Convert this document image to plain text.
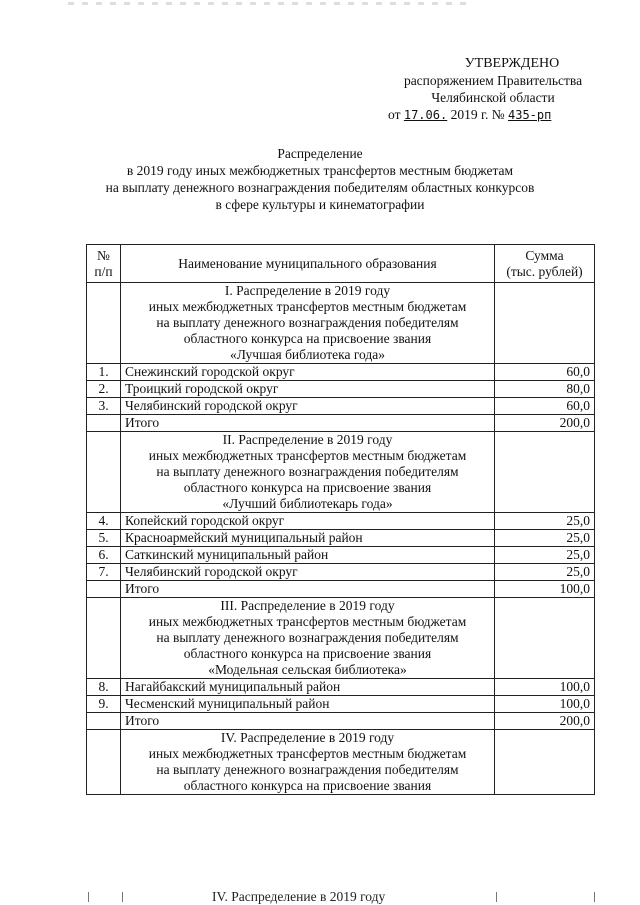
УТВЕРЖДЕНО
распоряжением Правительства
Челябинской области
от 17.06. 2019 г. № 435-рп
Распределение
в 2019 году иных межбюджетных трансфертов местным бюджетам
на выплату денежного вознаграждения победителям областных конкурсов
в сфере культуры и кинематографии
№
п/п	Наименование муниципального образования	Сумма
(тыс. рублей)

	I. Распределение в 2019 году
иных межбюджетных трансфертов местным бюджетам
на выплату денежного вознаграждения победителям
областного конкурса на присвоение звания
«Лучшая библиотека года»	

1.	Снежинский городской округ	60,0
2.	Троицкий городской округ	80,0
3.	Челябинский городской округ	60,0
	Итого	200,0

	II. Распределение в 2019 году
иных межбюджетных трансфертов местным бюджетам
на выплату денежного вознаграждения победителям
областного конкурса на присвоение звания
«Лучший библиотекарь года»	

4.	Копейский городской округ	25,0
5.	Красноармейский муниципальный район	25,0
6.	Саткинский муниципальный район	25,0
7.	Челябинский городской округ	25,0
	Итого	100,0

	III. Распределение в 2019 году
иных межбюджетных трансфертов местным бюджетам
на выплату денежного вознаграждения победителям
областного конкурса на присвоение звания
«Модельная сельская библиотека»	

8.	Нагайбакский муниципальный район	100,0
9.	Чесменский муниципальный район	100,0
	Итого	200,0

	IV. Распределение в 2019 году
иных межбюджетных трансфертов местным бюджетам
на выплату денежного вознаграждения победителям
областного конкурса на присвоение звания	

IV. Распределение в 2019 году
